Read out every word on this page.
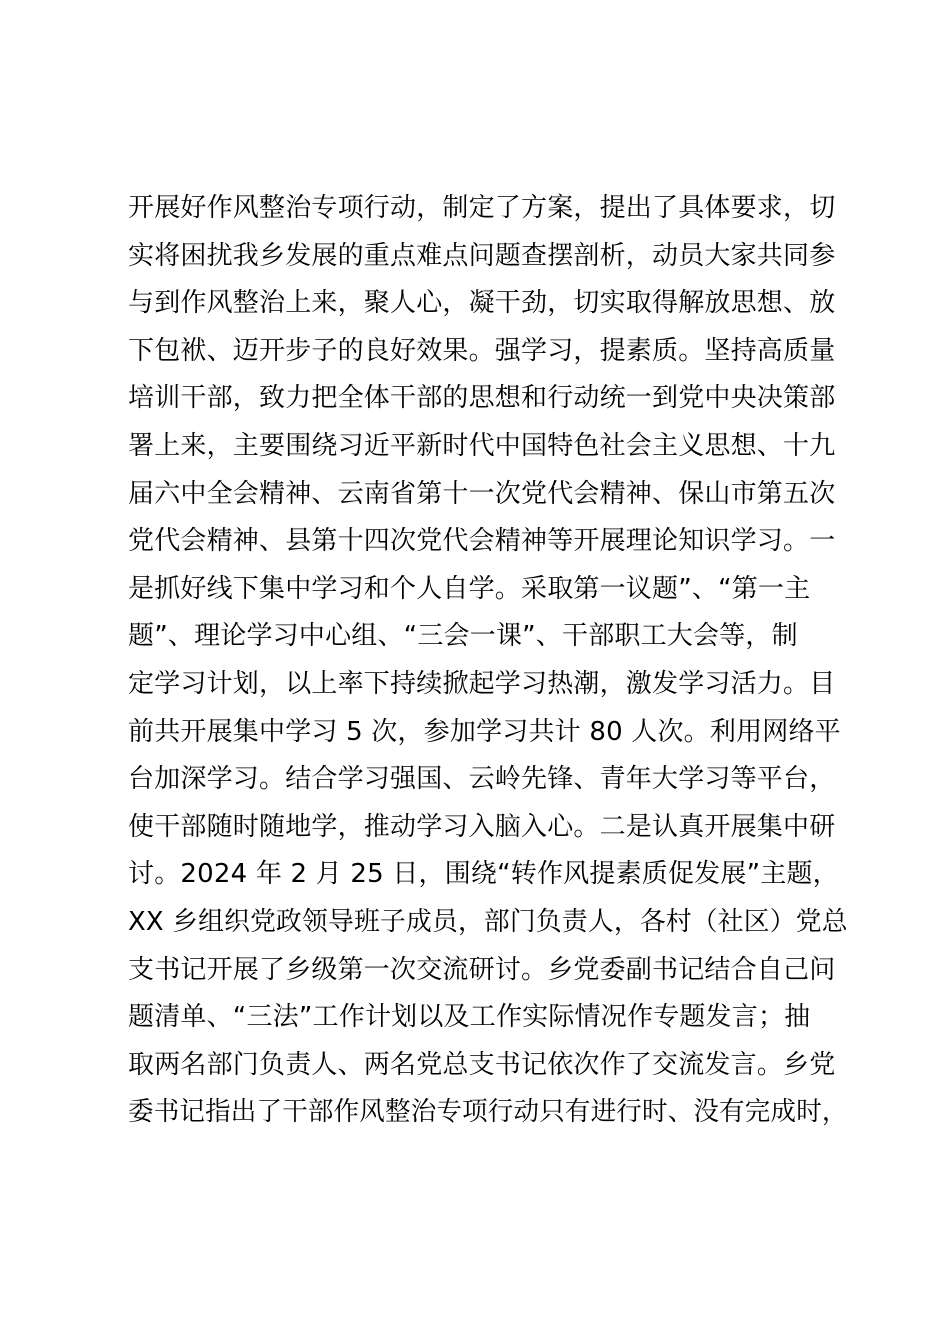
开展好作风整治专项行动，制定了方案，提出了具体要求，切
实将困扰我乡发展的重点难点问题查摆剖析，动员大家共同参
与到作风整治上来，聚人心，凝干劲，切实取得解放思想、放
下包袱、迈开步子的良好效果。强学习，提素质。坚持高质量
培训干部，致力把全体干部的思想和行动统一到党中央决策部
署上来，主要围绕习近平新时代中国特色社会主义思想、十九
届六中全会精神、云南省第十一次党代会精神、保山市第五次
党代会精神、县第十四次党代会精神等开展理论知识学习。一
是抓好线下集中学习和个人自学。采取第一议题”、“第一主
题”、理论学习中心组、“三会一课”、干部职工大会等，制
定学习计划，以上率下持续掀起学习热潮，激发学习活力。目
前共开展集中学习 5 次，参加学习共计 80 人次。利用网络平
台加深学习。结合学习强国、云岭先锋、青年大学习等平台，
使干部随时随地学，推动学习入脑入心。二是认真开展集中研
讨。2024 年 2 月 25 日，围绕“转作风提素质促发展”主题，
XX 乡组织党政领导班子成员，部门负责人，各村（社区）党总
支书记开展了乡级第一次交流研讨。乡党委副书记结合自己问
题清单、“三法”工作计划以及工作实际情况作专题发言；抽
取两名部门负责人、两名党总支书记依次作了交流发言。乡党
委书记指出了干部作风整治专项行动只有进行时、没有完成时，
